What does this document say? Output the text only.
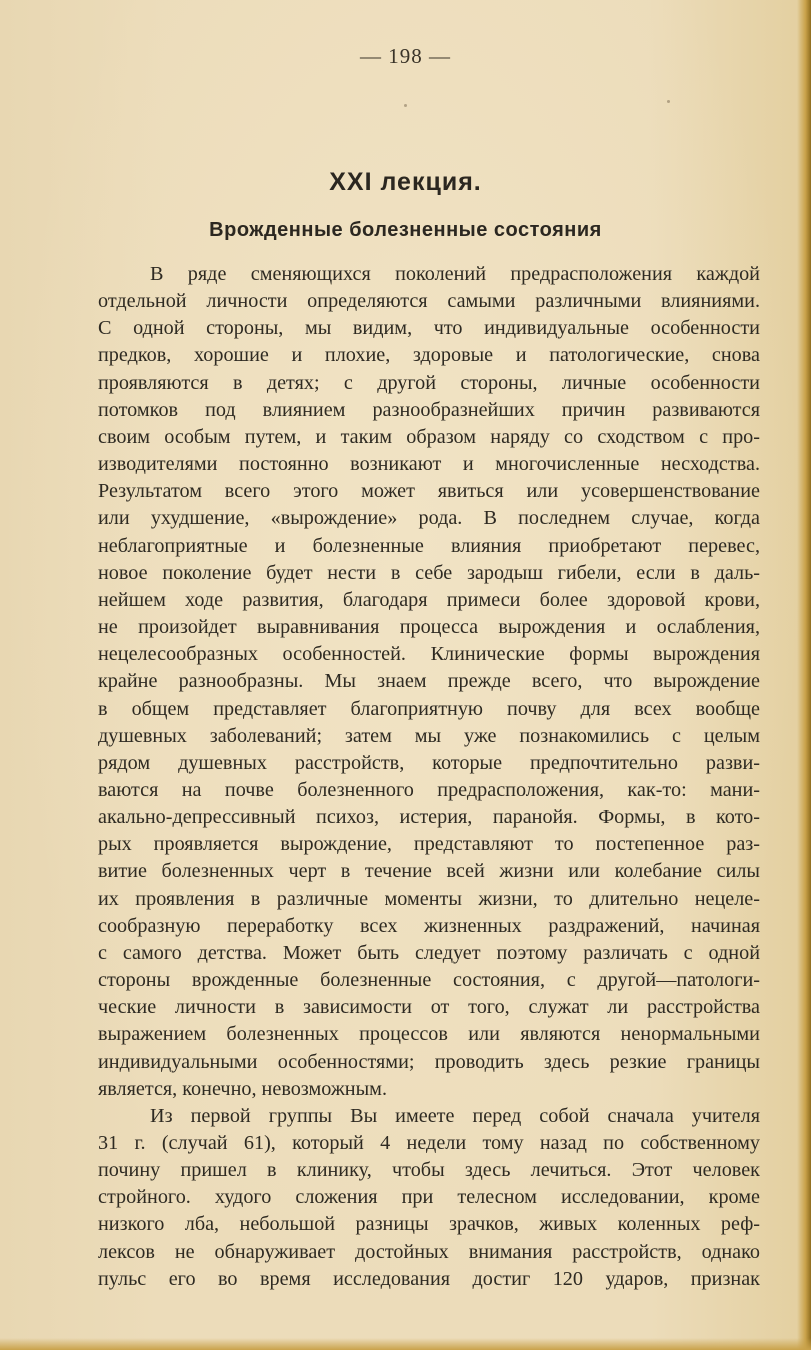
— 198 —
XXI лекция.
Врожденные болезненные состояния
В ряде сменяющихся поколений предрасположения каждой
отдельной личности определяются самыми различными влияниями.
С одной стороны, мы видим, что индивидуальные особенности
предков, хорошие и плохие, здоровые и патологические, снова
проявляются в детях; с другой стороны, личные особенности
потомков под влиянием разнообразнейших причин развиваются
своим особым путем, и таким образом наряду со сходством с про-
изводителями постоянно возникают и многочисленные несходства.
Результатом всего этого может явиться или усовершенствование
или ухудшение, «вырождение» рода. В последнем случае, когда
неблагоприятные и болезненные влияния приобретают перевес,
новое поколение будет нести в себе зародыш гибели, если в даль-
нейшем ходе развития, благодаря примеси более здоровой крови,
не произойдет выравнивания процесса вырождения и ослабления,
нецелесообразных особенностей. Клинические формы вырождения
крайне разнообразны. Мы знаем прежде всего, что вырождение
в общем представляет благоприятную почву для всех вообще
душевных заболеваний; затем мы уже познакомились с целым
рядом душевных расстройств, которые предпочтительно разви-
ваются на почве болезненного предрасположения, как-то: мани-
акально-депрессивный психоз, истерия, паранойя. Формы, в кото-
рых проявляется вырождение, представляют то постепенное раз-
витие болезненных черт в течение всей жизни или колебание силы
их проявления в различные моменты жизни, то длительно нецеле-
сообразную переработку всех жизненных раздражений, начиная
с самого детства. Может быть следует поэтому различать с одной
стороны врожденные болезненные состояния, с другой—патологи-
ческие личности в зависимости от того, служат ли расстройства
выражением болезненных процессов или являются ненормальными
индивидуальными особенностями; проводить здесь резкие границы
является, конечно, невозможным.
Из первой группы Вы имеете перед собой сначала учителя
31 г. (случай 61), который 4 недели тому назад по собственному
почину пришел в клинику, чтобы здесь лечиться. Этот человек
стройного. худого сложения при телесном исследовании, кроме
низкого лба, небольшой разницы зрачков, живых коленных реф-
лексов не обнаруживает достойных внимания расстройств, однако
пульс его во время исследования достиг 120 ударов, признак
